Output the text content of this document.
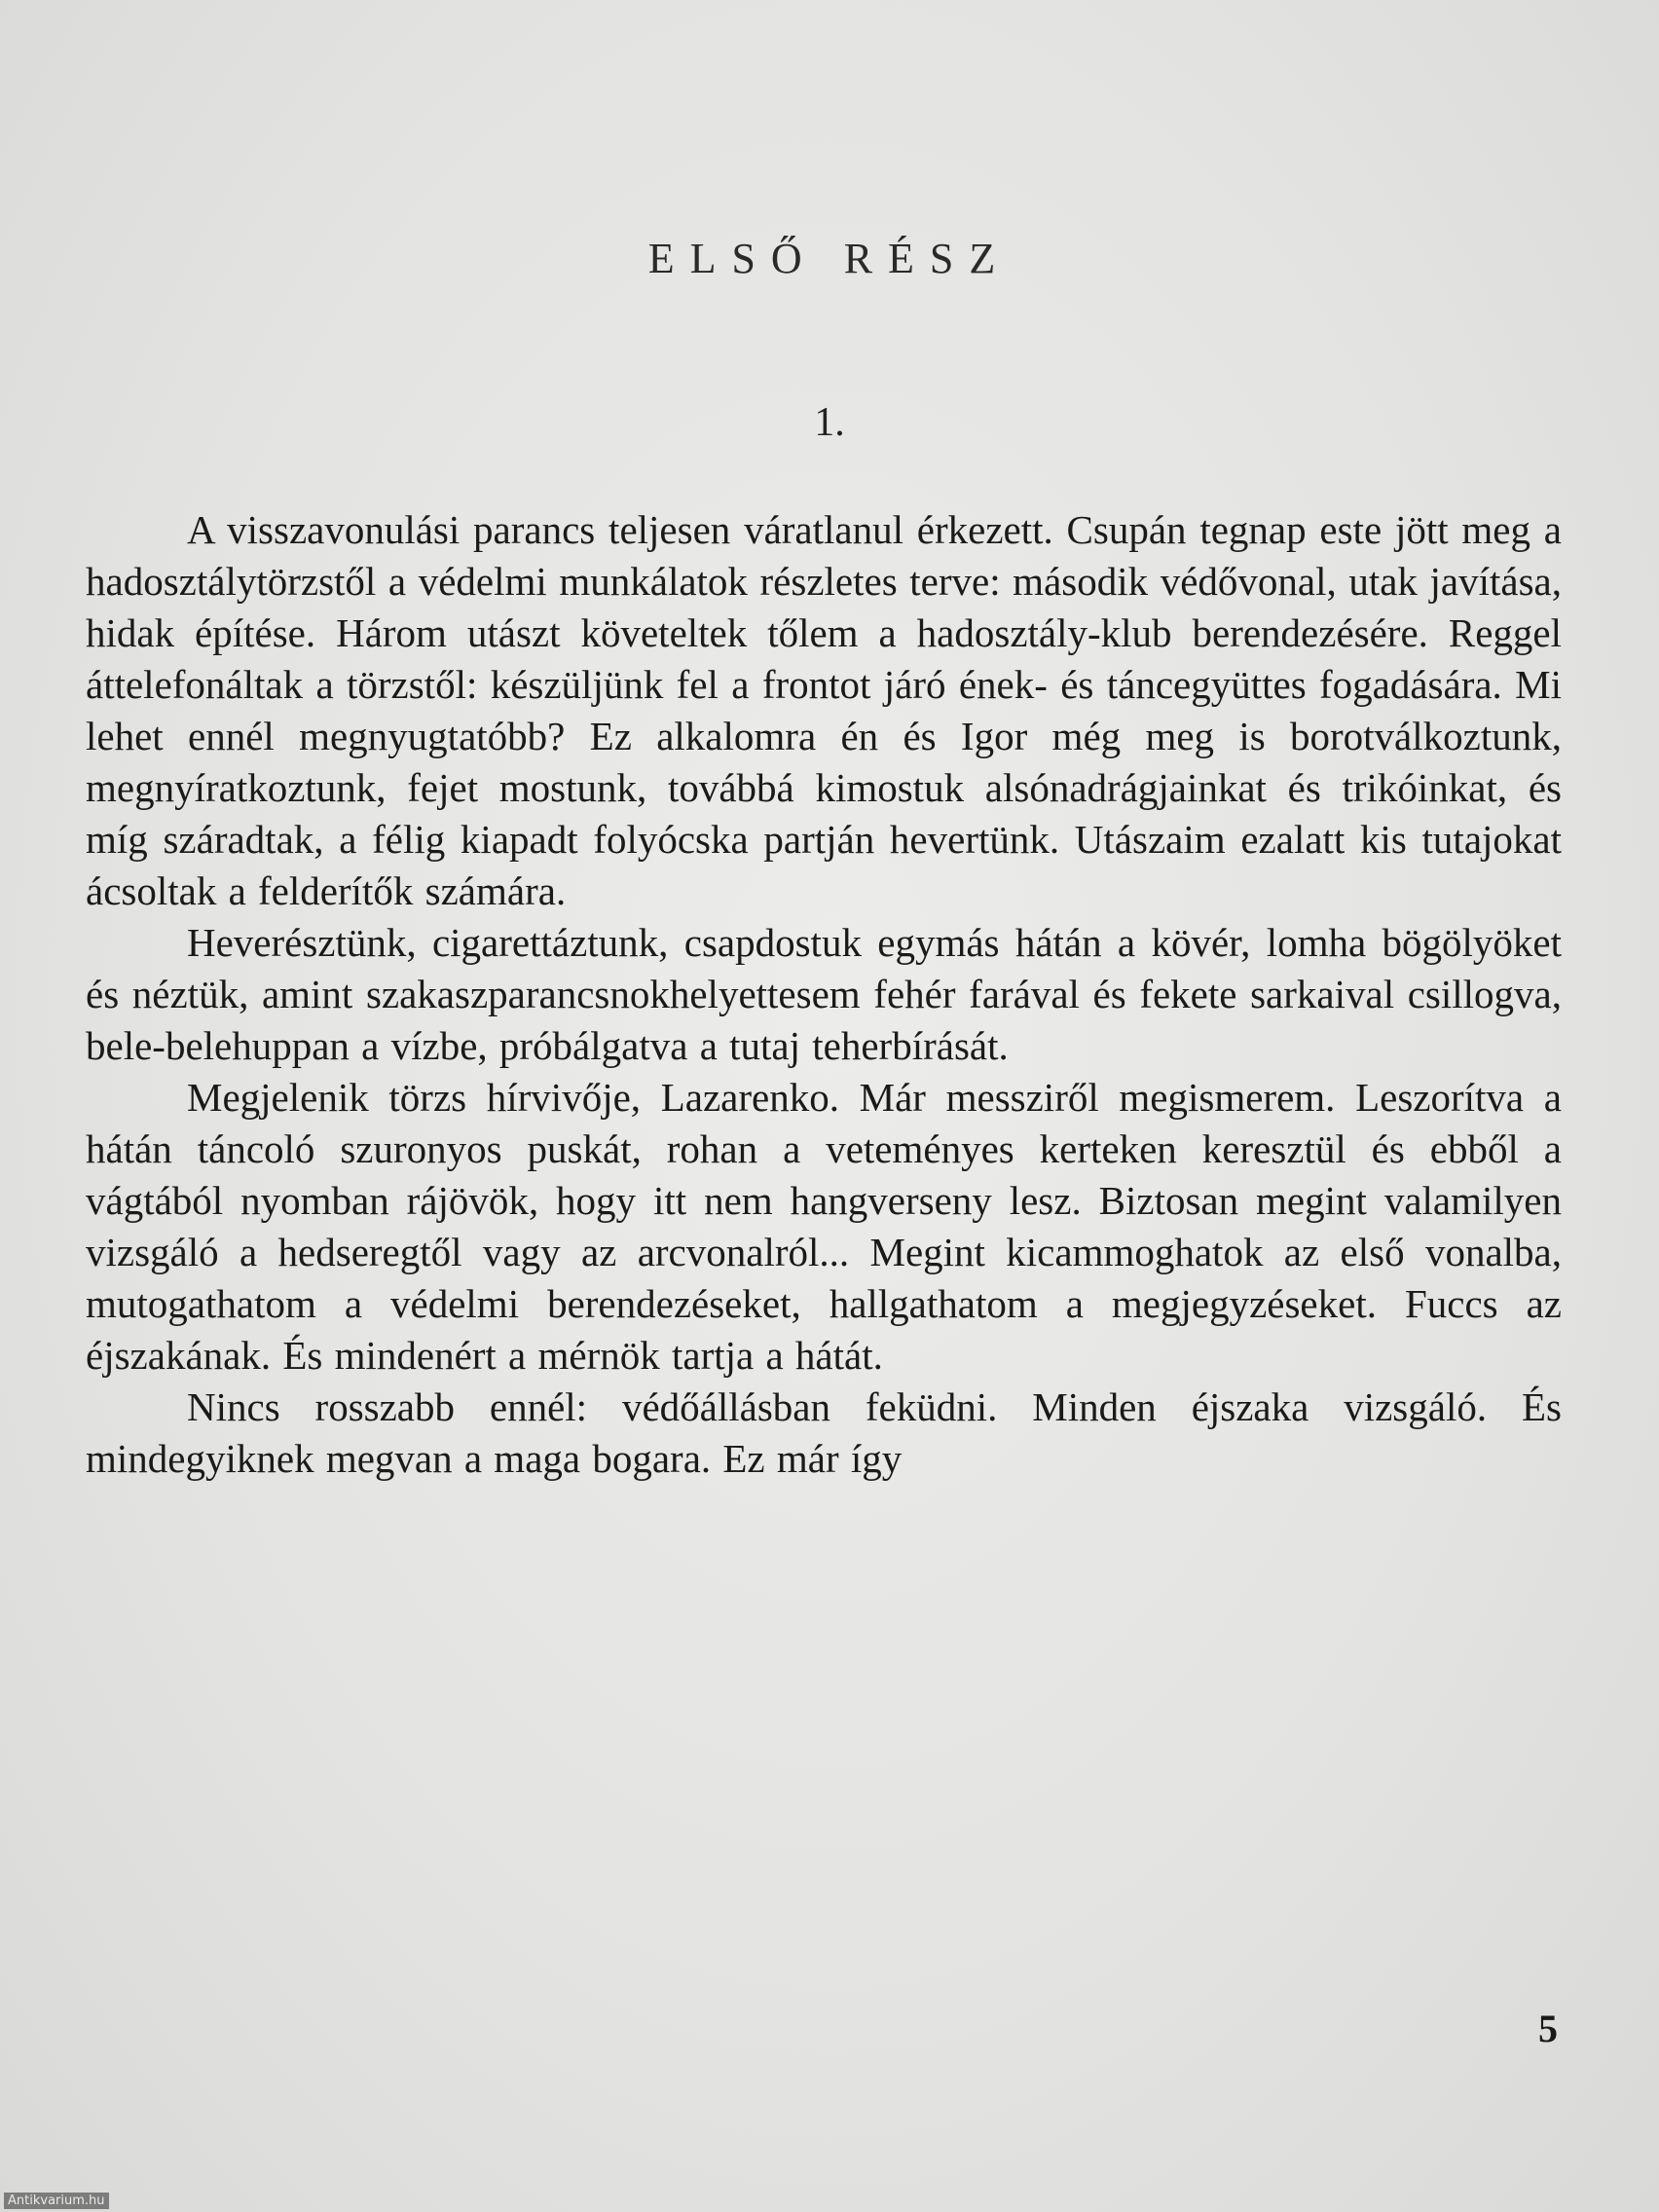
ELSŐ RÉSZ
1.

A visszavonulási parancs teljesen váratlanul érkezett. Csupán tegnap este jött meg a hadosztálytörzstől a védelmi munkálatok részletes terve: második védővonal, utak javítása, hidak építése. Három utászt követeltek tőlem a hadosztály-klub berendezésére. Reggel áttelefonáltak a törzstől: készüljünk fel a frontot járó ének- és táncegyüttes fogadására. Mi lehet ennél megnyugtatóbb? Ez alkalomra én és Igor még meg is borotválkoztunk, megnyíratkoztunk, fejet mostunk, továbbá kimostuk alsónadrágjainkat és trikóinkat, és míg száradtak, a félig kiapadt folyócska partján hevertünk. Utászaim ezalatt kis tutajokat ácsoltak a felderítők számára.

Heverésztünk, cigarettáztunk, csapdostuk egymás hátán a kövér, lomha bögölyöket és néztük, amint szakaszparancsnokhelyettesem fehér farával és fekete sarkaival csillogva, bele-belehuppan a vízbe, próbálgatva a tutaj teherbírását.

Megjelenik törzs hírvivője, Lazarenko. Már messziről megismerem. Leszorítva a hátán táncoló szuronyos puskát, rohan a veteményes kerteken keresztül és ebből a vágtából nyomban rájövök, hogy itt nem hangverseny lesz. Biztosan megint valamilyen vizsgáló a hedseregtől vagy az arcvonalról... Megint kicammoghatok az első vonalba, mutogathatom a védelmi berendezéseket, hallgathatom a megjegyzéseket. Fuccs az éjszakának. És mindenért a mérnök tartja a hátát.

Nincs rosszabb ennél: védőállásban feküdni. Minden éjszaka vizsgáló. És mindegyiknek megvan a maga bogara. Ez már így

5
Antikvarium.hu
